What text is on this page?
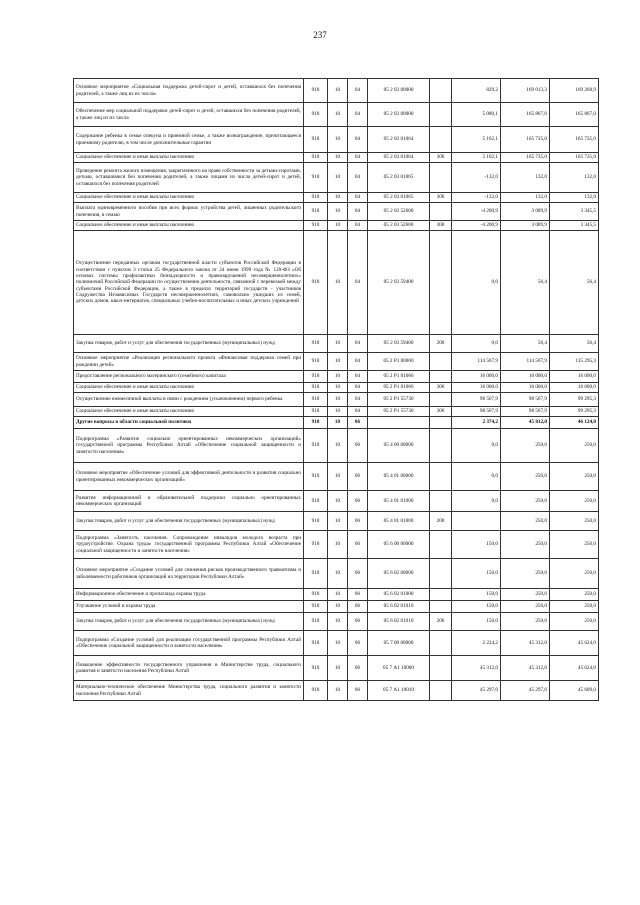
237
Основное мероприятие «Социальная поддержка детей-сирот и детей, оставшихся без попечения родителей, а также лиц из их числа»	910	10	04	05 2 03 00000		829,2	169 013,3	169 268,9
Обеспечение мер социальной поддержки детей-сирот и детей, оставшихся без попечения родителей, а также лиц из их числа	910	10	04	05 2 03 00000		5 080,1	165 867,0	165 867,0
Содержание ребенка в семье опекуна и приемной семье, а также вознаграждение, причитающееся приемному родителю, в том числе дополнительные гарантии	910	10	04	05 2 03 01064		5 162,1	165 735,0	165 735,0
Социальное обеспечение и иные выплаты населению	910	10	04	05 2 03 01064	300	5 162,1	165 735,0	165 735,0
Проведение ремонта жилого помещения, закрепленного на праве собственности за детьми-сиротами, детьми, оставшимися без попечения родителей, а также лицами из числа детей-сирот и детей, оставшихся без попечения родителей	910	10	04	05 2 03 01065		-132,0	132,0	132,0
Социальное обеспечение и иные выплаты населению	910	10	04	05 2 03 01065	300	-132,0	132,0	132,0
Выплата единовременного пособия при всех формах устройства детей, лишенных родительского попечения, в семью	910	10	04	05 2 03 52600		-4 200,9	3 089,9	3 345,5
Социальное обеспечение и иные выплаты населению	910	10	04	05 2 03 52600	300	-4 200,9	3 089,9	3 345,5
Осуществление переданных органам государственной власти субъектов Российской Федерации в соответствии с пунктом 3 статьи 25 Федерального закона от 24 июня 1999 года № 120-ФЗ «Об основах системы профилактики безнадзорности и правонарушений несовершеннолетних» полномочий Российской Федерации по осуществлению деятельности, связанной с перевозкой между субъектами Российской Федерации, а также в пределах территорий государств - участников Содружества Независимых Государств несовершеннолетних, самовольно ушедших из семей, детских домов, школ-интернатов, специальных учебно-воспитательных и иных детских учреждений	910	10	04	05 2 03 59400		0,0	56,4	56,4
Закупка товаров, работ и услуг для обеспечения государственных (муниципальных) нужд	910	10	04	05 2 03 59400	200	0,0	56,4	56,4
Основное мероприятие «Реализация регионального проекта «Финансовая поддержка семей при рождении детей»	910	10	04	05 2 P1 00000		114 567,9	114 567,9	115 295,3
Предоставление регионального материнского (семейного) капитала	910	10	04	05 2 P1 01066		16 000,0	16 000,0	16 000,0
Социальное обеспечение и иные выплаты населению	910	10	04	05 2 P1 01066	300	16 000,0	16 000,0	16 000,0
Осуществление ежемесячной выплаты в связи с рождением (усыновлением) первого ребенка	910	10	04	05 2 P1 55730		98 567,9	98 567,9	99 295,3
Социальное обеспечение и иные выплаты населению	910	10	04	05 2 P1 55730	300	98 567,9	98 567,9	99 295,3
Другие вопросы в области социальной политики	910	10	06			2 374,2	45 812,0	46 124,0
Подпрограмма «Развитие социально ориентированных некоммерческих организаций» государственной программы Республики Алтай «Обеспечение социальной защищенности и занятости населения»	910	10	06	05 4 00 00000		0,0	250,0	250,0
Основное мероприятие «Обеспечение условий для эффективной деятельности и развития социально ориентированных некоммерческих организаций»	910	10	06	05 4 01 00000		0,0	250,0	250,0
Развитие информационной и образовательной поддержки социально ориентированных некоммерческих организаций	910	10	06	05 4 01 01000		0,0	250,0	250,0
Закупка товаров, работ и услуг для обеспечения государственных (муниципальных) нужд	910	10	06	05 4 01 01000	200		250,0	250,0
Подпрограмма «Занятость населения. Сопровождение инвалидов молодого возраста при трудоустройстве. Охрана труда» государственной программы Республики Алтай «Обеспечение социальной защищенности и занятости населения»	910	10	06	05 6 00 00000		150,0	250,0	250,0
Основное мероприятие «Создание условий для снижения рисков производственного травматизма и заболеваемости работников организаций на территории Республики Алтай»	910	10	06	05 6 02 00000		150,0	250,0	250,0
Информационное обеспечение и пропаганда охраны труда	910	10	06	05 6 02 01000		150,0	250,0	250,0
Улучшение условий и охраны труда	910	10	06	05 6 02 01010		150,0	250,0	250,0
Закупка товаров, работ и услуг для обеспечения государственных (муниципальных) нужд	910	10	06	05 6 02 01010	200	150,0	250,0	250,0
Подпрограмма «Создание условий для реализации государственной программы Республики Алтай «Обеспечение социальной защищенности и занятости населения»	910	10	06	05 7 00 00000		2 224,2	45 312,0	45 624,0
Повышение эффективности государственного управления в Министерстве труда, социального развития и занятости населения Республики Алтай	910	10	06	05 7 А1 10000		45 312,0	45 312,0	45 624,0
Материально-техническое обеспечение Министерства труда, социального развития и занятости населения Республики Алтай	910	10	06	05 7 А1 10010		45 297,0	45 297,0	45 609,0
